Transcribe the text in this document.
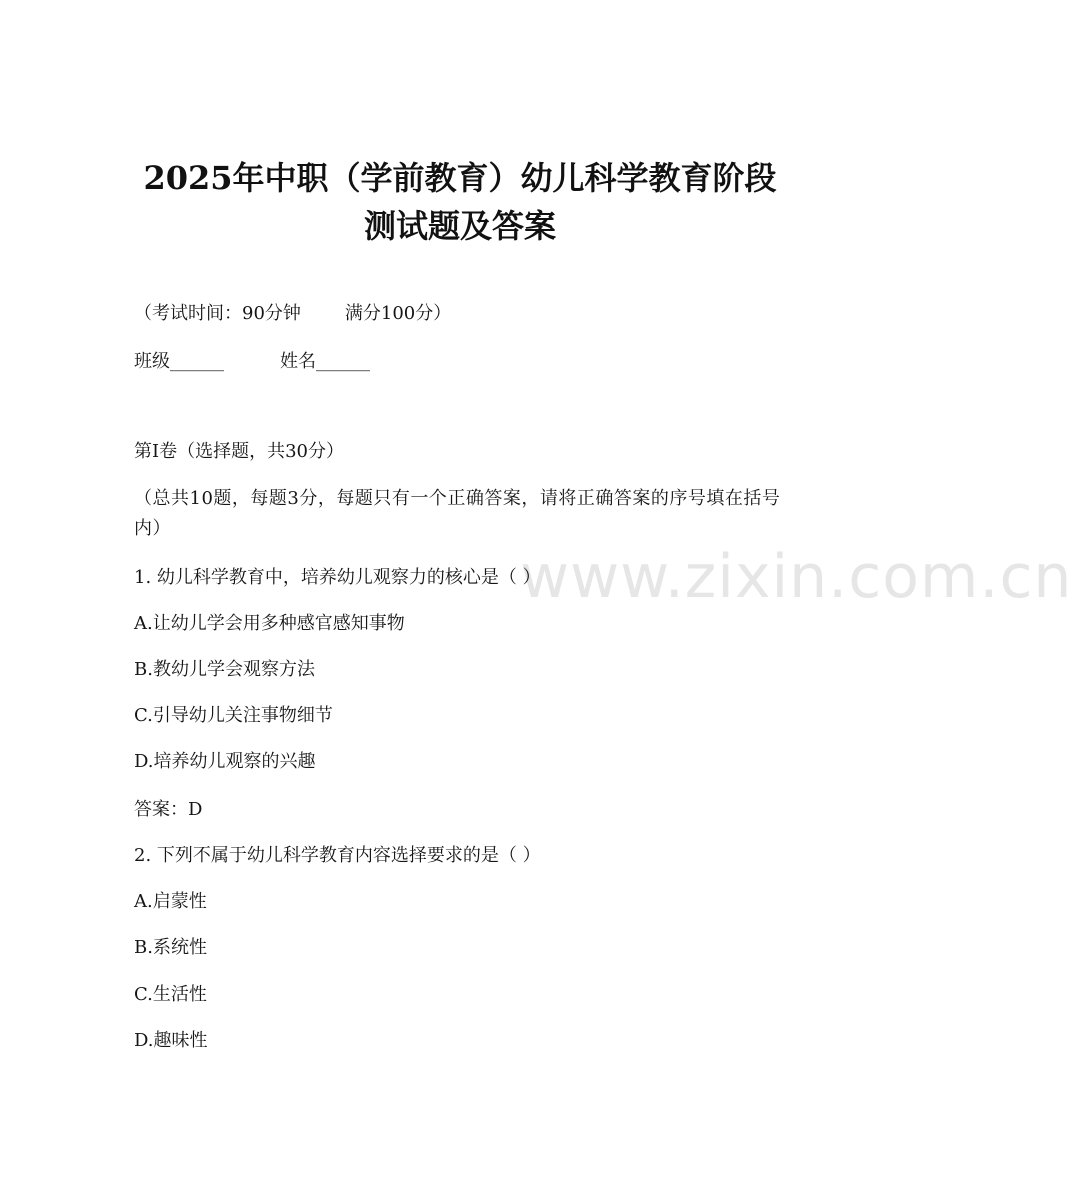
www.zixin.com.cn
2025年中职（学前教育）幼儿科学教育阶段
测试题及答案
（考试时间：90分钟 满分100分）
班级______	姓名______
第I卷（选择题，共30分）
（总共10题，每题3分，每题只有一个正确答案，请将正确答案的序号填在括号内）
1. 幼儿科学教育中，培养幼儿观察力的核心是（ ）
A.让幼儿学会用多种感官感知事物
B.教幼儿学会观察方法
C.引导幼儿关注事物细节
D.培养幼儿观察的兴趣
答案：D
2. 下列不属于幼儿科学教育内容选择要求的是（ ）
A.启蒙性
B.系统性
C.生活性
D.趣味性
